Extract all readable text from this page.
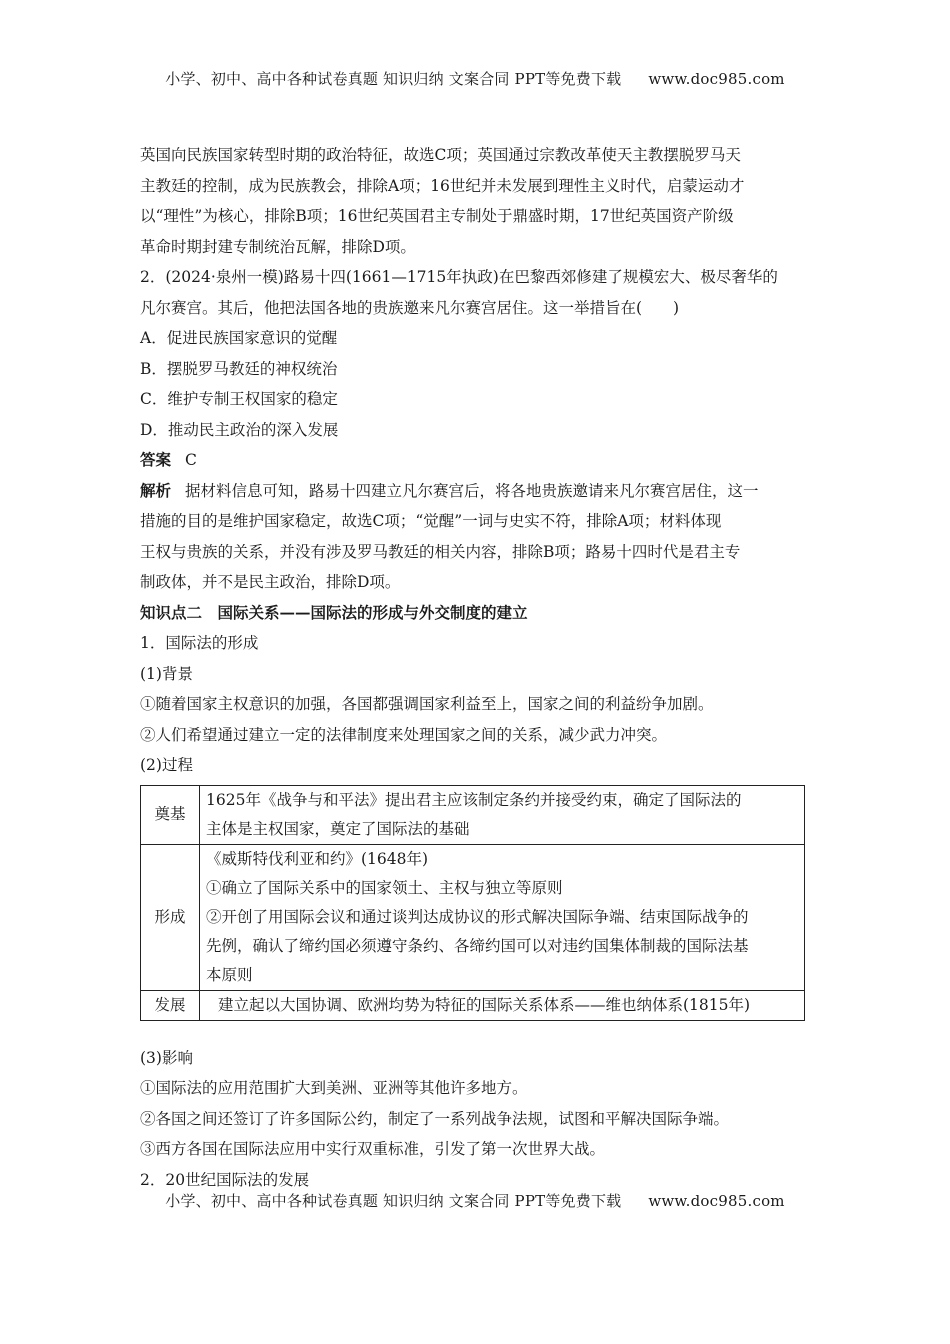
小学、初中、高中各种试卷真题 知识归纳 文案合同 PPT等免费下载 www.doc985.com

英国向民族国家转型时期的政治特征，故选C项；英国通过宗教改革使天主教摆脱罗马天

主教廷的控制，成为民族教会，排除A项；16世纪并未发展到理性主义时代，启蒙运动才

以“理性”为核心，排除B项；16世纪英国君主专制处于鼎盛时期，17世纪英国资产阶级

革命时期封建专制统治瓦解，排除D项。

2．(2024·泉州一模)路易十四(1661—1715年执政)在巴黎西郊修建了规模宏大、极尽奢华的

凡尔赛宫。其后，他把法国各地的贵族邀来凡尔赛宫居住。这一举措旨在(　　)

A．促进民族国家意识的觉醒

B．摆脱罗马教廷的神权统治

C．维护专制王权国家的稳定

D．推动民主政治的深入发展

答案 C
解析 据材料信息可知，路易十四建立凡尔赛宫后，将各地贵族邀请来凡尔赛宫居住，这一

措施的目的是维护国家稳定，故选C项；“觉醒”一词与史实不符，排除A项；材料体现

王权与贵族的关系，并没有涉及罗马教廷的相关内容，排除B项；路易十四时代是君主专

制政体，并不是民主政治，排除D项。

知识点二　国际关系——国际法的形成与外交制度的建立

1．国际法的形成

(1)背景

①随着国家主权意识的加强，各国都强调国家利益至上，国家之间的利益纷争加剧。

②人们希望通过建立一定的法律制度来处理国家之间的关系，减少武力冲突。

(2)过程

奠基	1625年《战争与和平法》提出君主应该制定条约并接受约束，确定了国际法的
主体是主权国家，奠定了国际法的基础

形成	《威斯特伐利亚和约》(1648年)
①确立了国际关系中的国家领土、主权与独立等原则
②开创了用国际会议和通过谈判达成协议的形式解决国际争端、结束国际战争的
先例，确认了缔约国必须遵守条约、各缔约国可以对违约国集体制裁的国际法基
本原则

发展	建立起以大国协调、欧洲均势为特征的国际关系体系——维也纳体系(1815年)

(3)影响

①国际法的应用范围扩大到美洲、亚洲等其他许多地方。

②各国之间还签订了许多国际公约，制定了一系列战争法规，试图和平解决国际争端。

③西方各国在国际法应用中实行双重标准，引发了第一次世界大战。

2．20世纪国际法的发展

小学、初中、高中各种试卷真题 知识归纳 文案合同 PPT等免费下载 www.doc985.com
